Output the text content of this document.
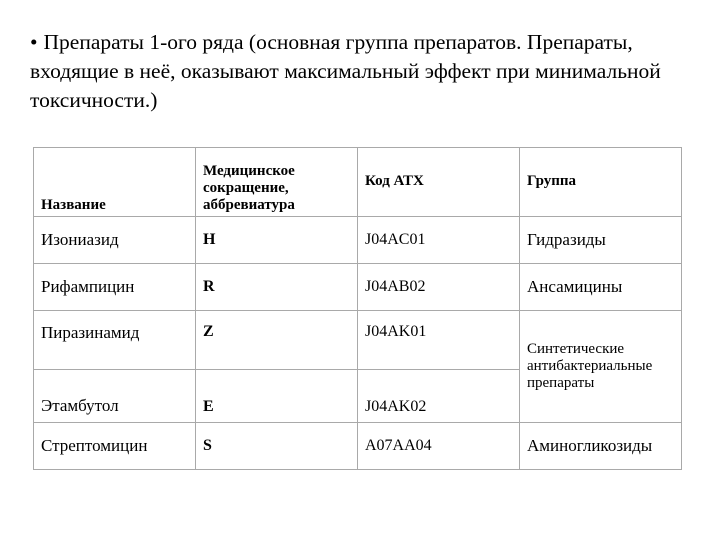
• Препараты 1-ого ряда (основная группа препаратов. Препараты, входящие в неё, оказывают максимальный эффект при минимальной токсичности.)
Название	Медицинское сокращение, аббревиатура	Код АТХ	Группа
Изониазид	H	J04AC01	Гидразиды
Рифампицин	R	J04AB02	Ансамицины
Пиразинамид	Z	J04AK01	Синтетические антибактериальные препараты
Этамбутол	E	J04AK02	
Стрептомицин	S	A07AA04	Аминогликозиды
